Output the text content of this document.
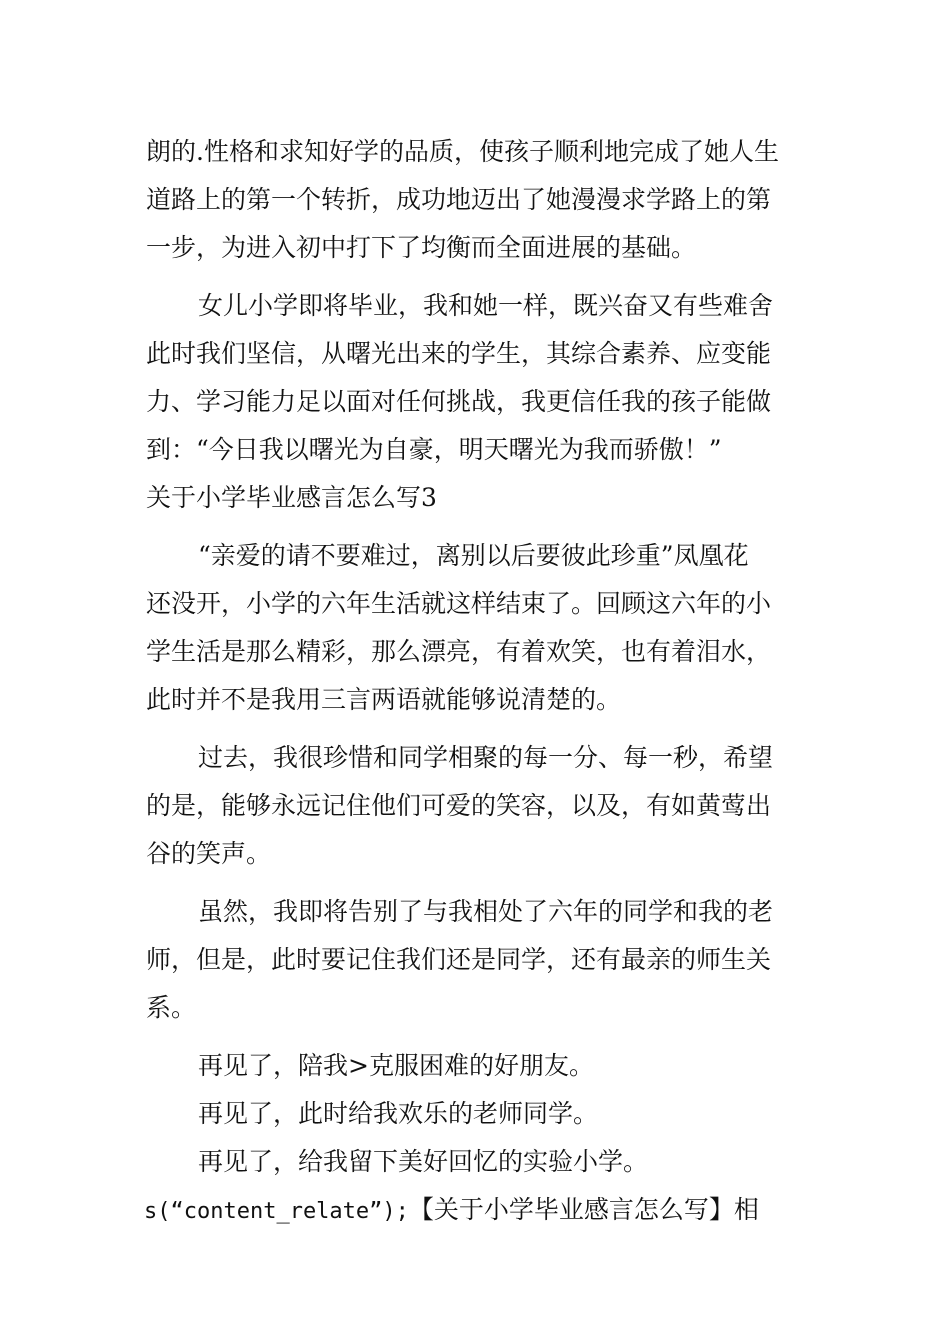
朗的.性格和求知好学的品质，使孩子顺利地完成了她人生
道路上的第一个转折，成功地迈出了她漫漫求学路上的第
一步，为进入初中打下了均衡而全面进展的基础。
女儿小学即将毕业，我和她一样，既兴奋又有些难舍
此时我们坚信，从曙光出来的学生，其综合素养、应变能
力、学习能力足以面对任何挑战，我更信任我的孩子能做
到：“今日我以曙光为自豪，明天曙光为我而骄傲！”
关于小学毕业感言怎么写3
“亲爱的请不要难过，离别以后要彼此珍重”凤凰花
还没开，小学的六年生活就这样结束了。回顾这六年的小
学生活是那么精彩，那么漂亮，有着欢笑，也有着泪水，
此时并不是我用三言两语就能够说清楚的。
过去，我很珍惜和同学相聚的每一分、每一秒，希望
的是，能够永远记住他们可爱的笑容，以及，有如黄莺出
谷的笑声。
虽然，我即将告别了与我相处了六年的同学和我的老
师，但是，此时要记住我们还是同学，还有最亲的师生关
系。
再见了，陪我>克服困难的好朋友。
再见了，此时给我欢乐的老师同学。
再见了，给我留下美好回忆的实验小学。
s(“content_relate”);【关于小学毕业感言怎么写】相
